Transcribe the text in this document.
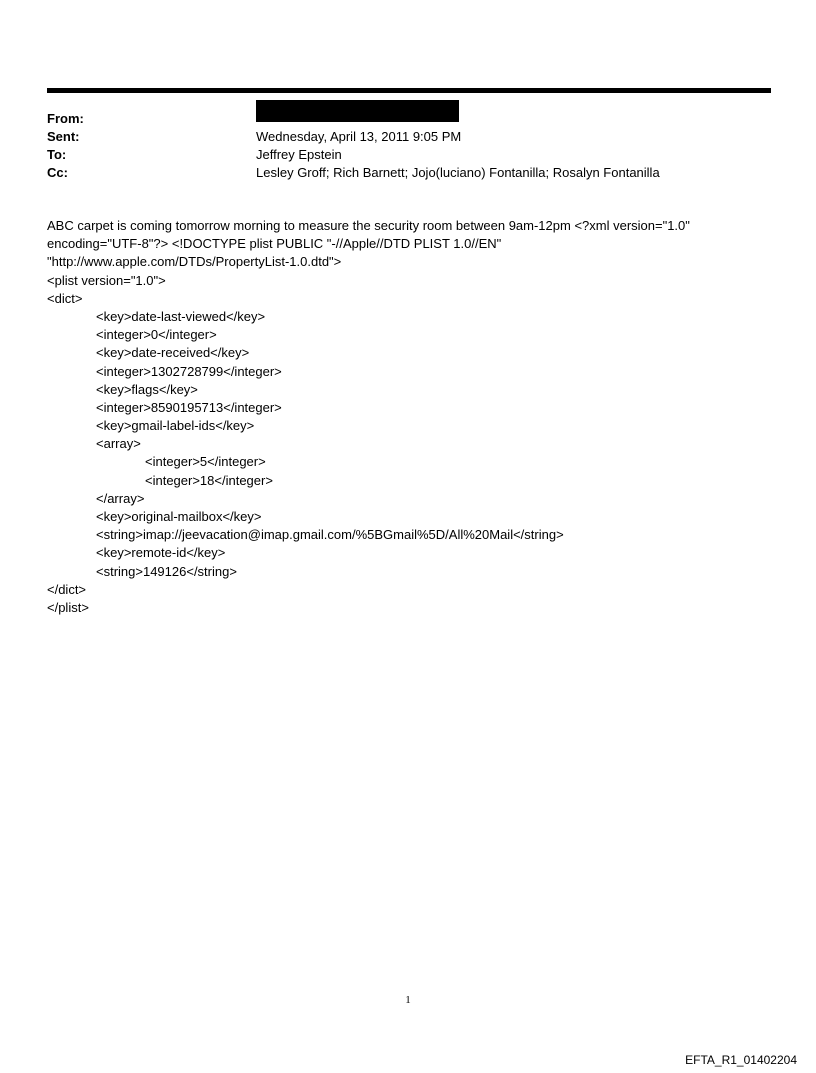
From:
Sent:	Wednesday, April 13, 2011 9:05 PM
To:	Jeffrey Epstein
Cc:	Lesley Groff; Rich Barnett; Jojo(luciano) Fontanilla; Rosalyn Fontanilla
ABC carpet is coming tomorrow morning to measure the security room between 9am-12pm <?xml version="1.0"
encoding="UTF-8"?> <!DOCTYPE plist PUBLIC "-//Apple//DTD PLIST 1.0//EN"
"http://www.apple.com/DTDs/PropertyList-1.0.dtd">
<plist version="1.0">
<dict>
<key>date-last-viewed</key>
<integer>0</integer>
<key>date-received</key>
<integer>1302728799</integer>
<key>flags</key>
<integer>8590195713</integer>
<key>gmail-label-ids</key>
<array>
<integer>5</integer>
<integer>18</integer>
</array>
<key>original-mailbox</key>
<string>imap://jeevacation@imap.gmail.com/%5BGmail%5D/All%20Mail</string>
<key>remote-id</key>
<string>149126</string>
</dict>
</plist>
1
EFTA_R1_01402204
